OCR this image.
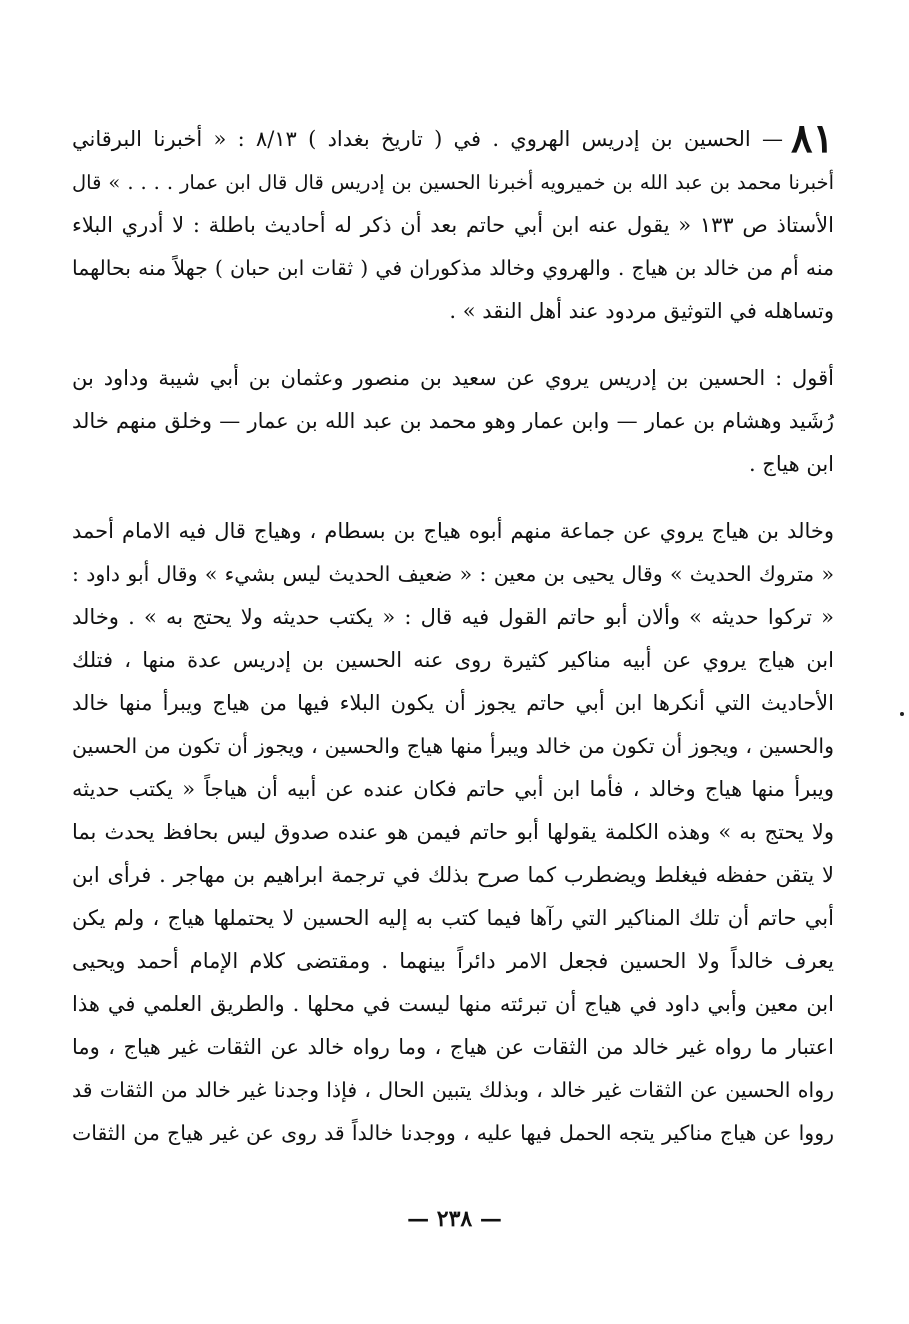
٨١— الحسين بن إدريس الهروي . في ( تاريخ بغداد ) ٨/١٣ : « أخبرنا البرقاني
أخبرنا محمد بن عبد الله بن خميرويه أخبرنا الحسين بن إدريس قال قال ابن عمار . . . . » قال
الأستاذ ص ١٣٣ « يقول عنه ابن أبي حاتم بعد أن ذكر له أحاديث باطلة : لا أدري البلاء
منه أم من خالد بن هياج . والهروي وخالد مذكوران في ( ثقات ابن حبان ) جهلاً منه بحالهما
وتساهله في التوثيق مردود عند أهل النقد » .
أقول : الحسين بن إدريس يروي عن سعيد بن منصور وعثمان بن أبي شيبة وداود بن
رُشَيد وهشام بن عمار — وابن عمار وهو محمد بن عبد الله بن عمار — وخلق منهم خالد
ابن هياج .
وخالد بن هياج يروي عن جماعة منهم أبوه هياج بن بسطام ، وهياج قال فيه الامام أحمد
« متروك الحديث » وقال يحيى بن معين : « ضعيف الحديث ليس بشيء » وقال أبو داود :
« تركوا حديثه » وألان أبو حاتم القول فيه قال : « يكتب حديثه ولا يحتج به » . وخالد
ابن هياج يروي عن أبيه مناكير كثيرة روى عنه الحسين بن إدريس عدة منها ، فتلك
الأحاديث التي أنكرها ابن أبي حاتم يجوز أن يكون البلاء فيها من هياج ويبرأ منها خالد
والحسين ، ويجوز أن تكون من خالد ويبرأ منها هياج والحسين ، ويجوز أن تكون من الحسين
ويبرأ منها هياج وخالد ، فأما ابن أبي حاتم فكان عنده عن أبيه أن هياجاً « يكتب حديثه
ولا يحتج به » وهذه الكلمة يقولها أبو حاتم فيمن هو عنده صدوق ليس بحافظ يحدث بما
لا يتقن حفظه فيغلط ويضطرب كما صرح بذلك في ترجمة ابراهيم بن مهاجر . فرأى ابن
أبي حاتم أن تلك المناكير التي رآها فيما كتب به إليه الحسين لا يحتملها هياج ، ولم يكن
يعرف خالداً ولا الحسين فجعل الامر دائراً بينهما . ومقتضى كلام الإمام أحمد ويحيى
ابن معين وأبي داود في هياج أن تبرئته منها ليست في محلها . والطريق العلمي في هذا
اعتبار ما رواه غير خالد من الثقات عن هياج ، وما رواه خالد عن الثقات غير هياج ، وما
رواه الحسين عن الثقات غير خالد ، وبذلك يتبين الحال ، فإذا وجدنا غير خالد من الثقات قد
رووا عن هياج مناكير يتجه الحمل فيها عليه ، ووجدنا خالداً قد روى عن غير هياج من الثقات
— ٢٣٨ —
